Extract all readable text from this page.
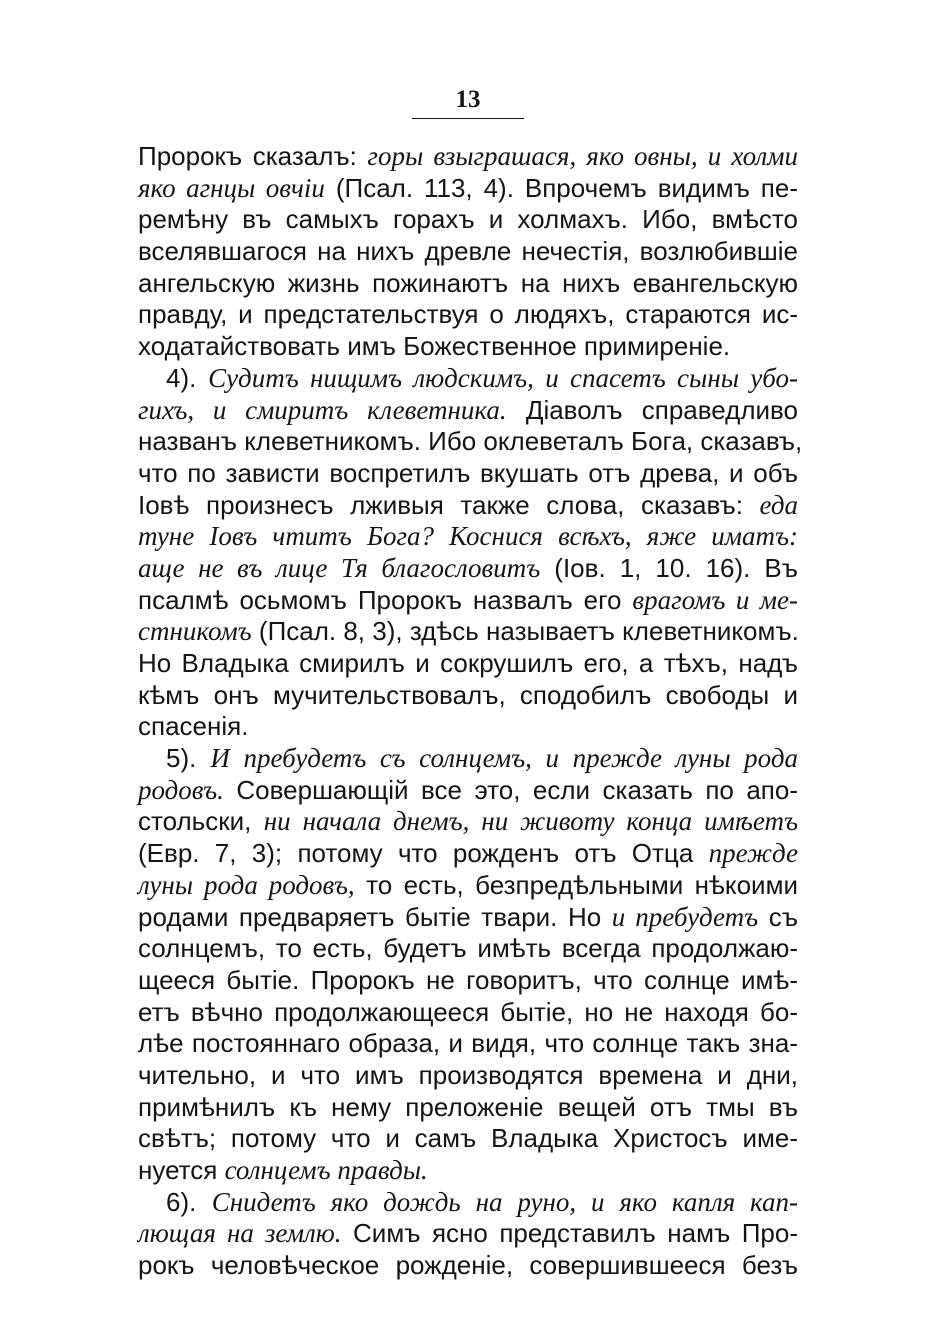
13
Пророкъ сказалъ: горы взыграшася, яко овны, и холми
яко агнцы овчіи (Псал. 113, 4). Впрочемъ видимъ пе-
ремѣну въ самыхъ горахъ и холмахъ. Ибо, вмѣсто
вселявшагося на нихъ древле нечестія, возлюбившіе
ангельскую жизнь пожинаютъ на нихъ евангельскую
правду, и предстательствуя о людяхъ, стараются ис-
ходатайствовать имъ Божественное примиреніе.
4). Судитъ нищимъ людскимъ, и спасетъ сыны убо-
гихъ, и смиритъ клеветника. Діаволъ справедливо
названъ клеветникомъ. Ибо оклеветалъ Бога, сказавъ,
что по зависти воспретилъ вкушать отъ древа, и объ
Іовѣ произнесъ лживыя также слова, сказавъ: еда
туне Іовъ чтитъ Бога? Коснися всѣхъ, яже иматъ:
аще не въ лице Тя благословитъ (Іов. 1, 10. 16). Въ
псалмѣ осьмомъ Пророкъ назвалъ его врагомъ и ме-
стникомъ (Псал. 8, 3), здѣсь называетъ клеветникомъ.
Но Владыка смирилъ и сокрушилъ его, а тѣхъ, надъ
кѣмъ онъ мучительствовалъ, сподобилъ свободы и
спасенія.
5). И пребудетъ съ солнцемъ, и прежде луны рода
родовъ. Совершающій все это, если сказать по апо-
стольски, ни начала днемъ, ни животу конца имѣетъ
(Евр. 7, 3); потому что рожденъ отъ Отца прежде
луны рода родовъ, то есть, безпредѣльными нѣкоими
родами предваряетъ бытіе твари. Но и пребудетъ съ
солнцемъ, то есть, будетъ имѣть всегда продолжаю-
щееся бытіе. Пророкъ не говоритъ, что солнце имѣ-
етъ вѣчно продолжающееся бытіе, но не находя бо-
лѣе постояннаго образа, и видя, что солнце такъ зна-
чительно, и что имъ производятся времена и дни,
примѣнилъ къ нему преложеніе вещей отъ тмы въ
свѣтъ; потому что и самъ Владыка Христосъ име-
нуется солнцемъ правды.
6). Снидетъ яко дождь на руно, и яко капля кап-
лющая на землю. Симъ ясно представилъ намъ Про-
рокъ человѣческое рожденіе, совершившееся безъ
